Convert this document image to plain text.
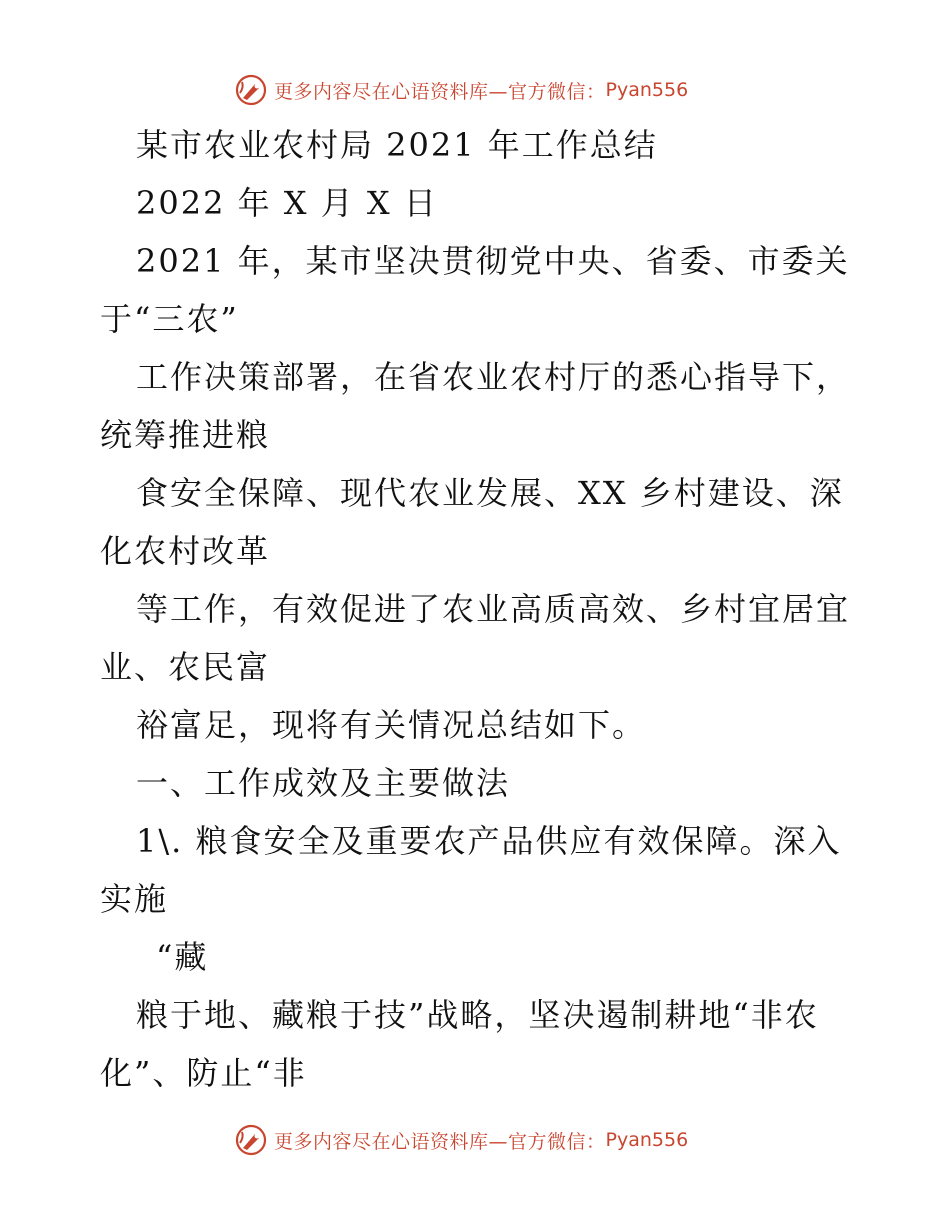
更多内容尽在心语资料库—官方微信： Pyan556
某市农业农村局 2021 年工作总结
2022 年 X 月 X 日
2021 年，某市坚决贯彻党中央、省委、市委关
于“三农”
工作决策部署，在省农业农村厅的悉心指导下，
统筹推进粮
食安全保障、现代农业发展、XX 乡村建设、深
化农村改革
等工作，有效促进了农业高质高效、乡村宜居宜
业、农民富
裕富足，现将有关情况总结如下。
一、工作成效及主要做法
1\. 粮食安全及重要农产品供应有效保障。深入
实施
“藏
粮于地、藏粮于技”战略，坚决遏制耕地“非农
化”、防止“非
更多内容尽在心语资料库—官方微信： Pyan556
